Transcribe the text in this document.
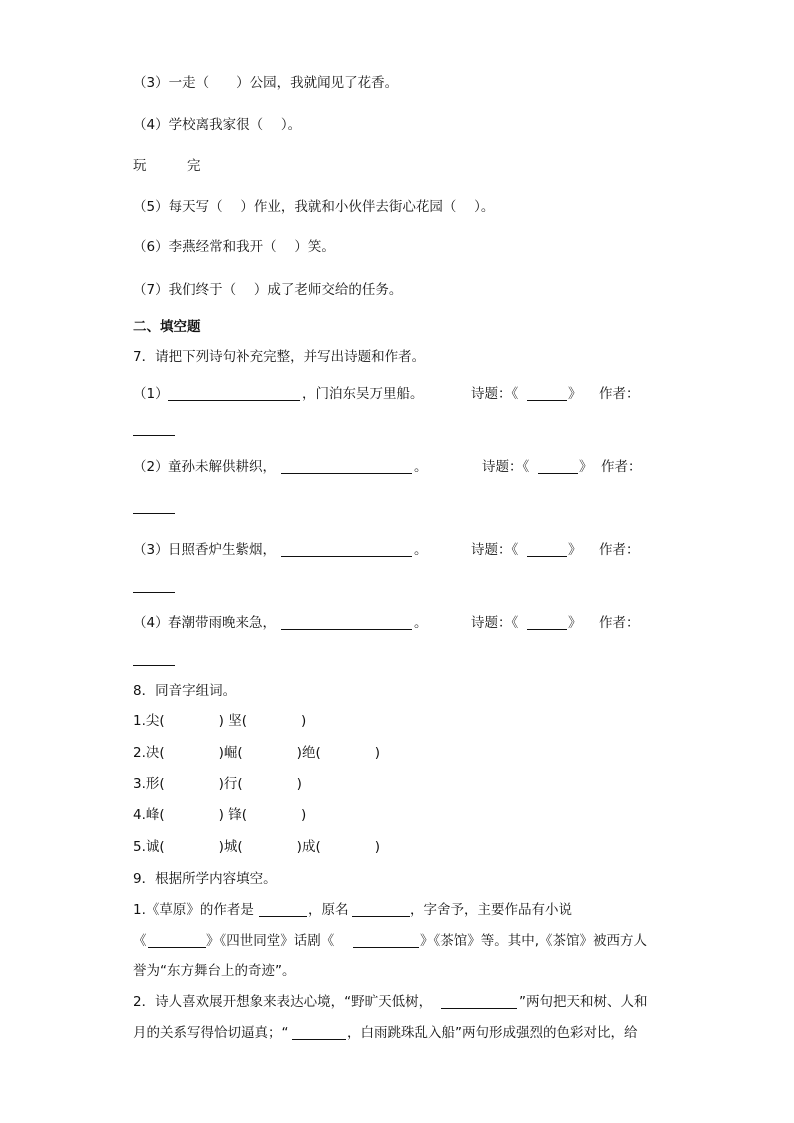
（3）一走（　　）公园，我就闻见了花香。
（4）学校离我家很（　 ）。
玩　　　完
（5）每天写（　 ）作业，我就和小伙伴去街心花园（　 ）。
（6）李燕经常和我开（　 ）笑。
（7）我们终于（　 ）成了老师交给的任务。
二、填空题
7．请把下列诗句补充完整，并写出诗题和作者。
（1）	，门泊东吴万里船。	诗题：《	》 作者：
（2） 童孙未解供耕织，	。	诗题：《	》 作者：
（3） 日照香炉生紫烟，	。	诗题：《	》 作者：
（4） 春潮带雨晚来急，	。	诗题：《	》 作者：
8．同音字组词。
1.尖(　　　　) 坚(　　　　)
2.决(　　　　)崛(　　　　)绝(　　　　)
3.形(　　　　)行(　　　　)
4.峰(　　　　) 锋(　　　　)
5.诚(　　　　)城(　　　　)成(　　　　)
9．根据所学内容填空。
1.《草原》的作者是	，原名	，字舍予，主要作品有小说
《	》《四世同堂》话剧《	》《茶馆》等。其中,《茶馆》被西方人
誉为“东方舞台上的奇迹”。
2．诗人喜欢展开想象来表达心境，“野旷天低树，	”两句把天和树、人和
月的关系写得恰切逼真；“	，白雨跳珠乱入船”两句形成强烈的色彩对比，给
